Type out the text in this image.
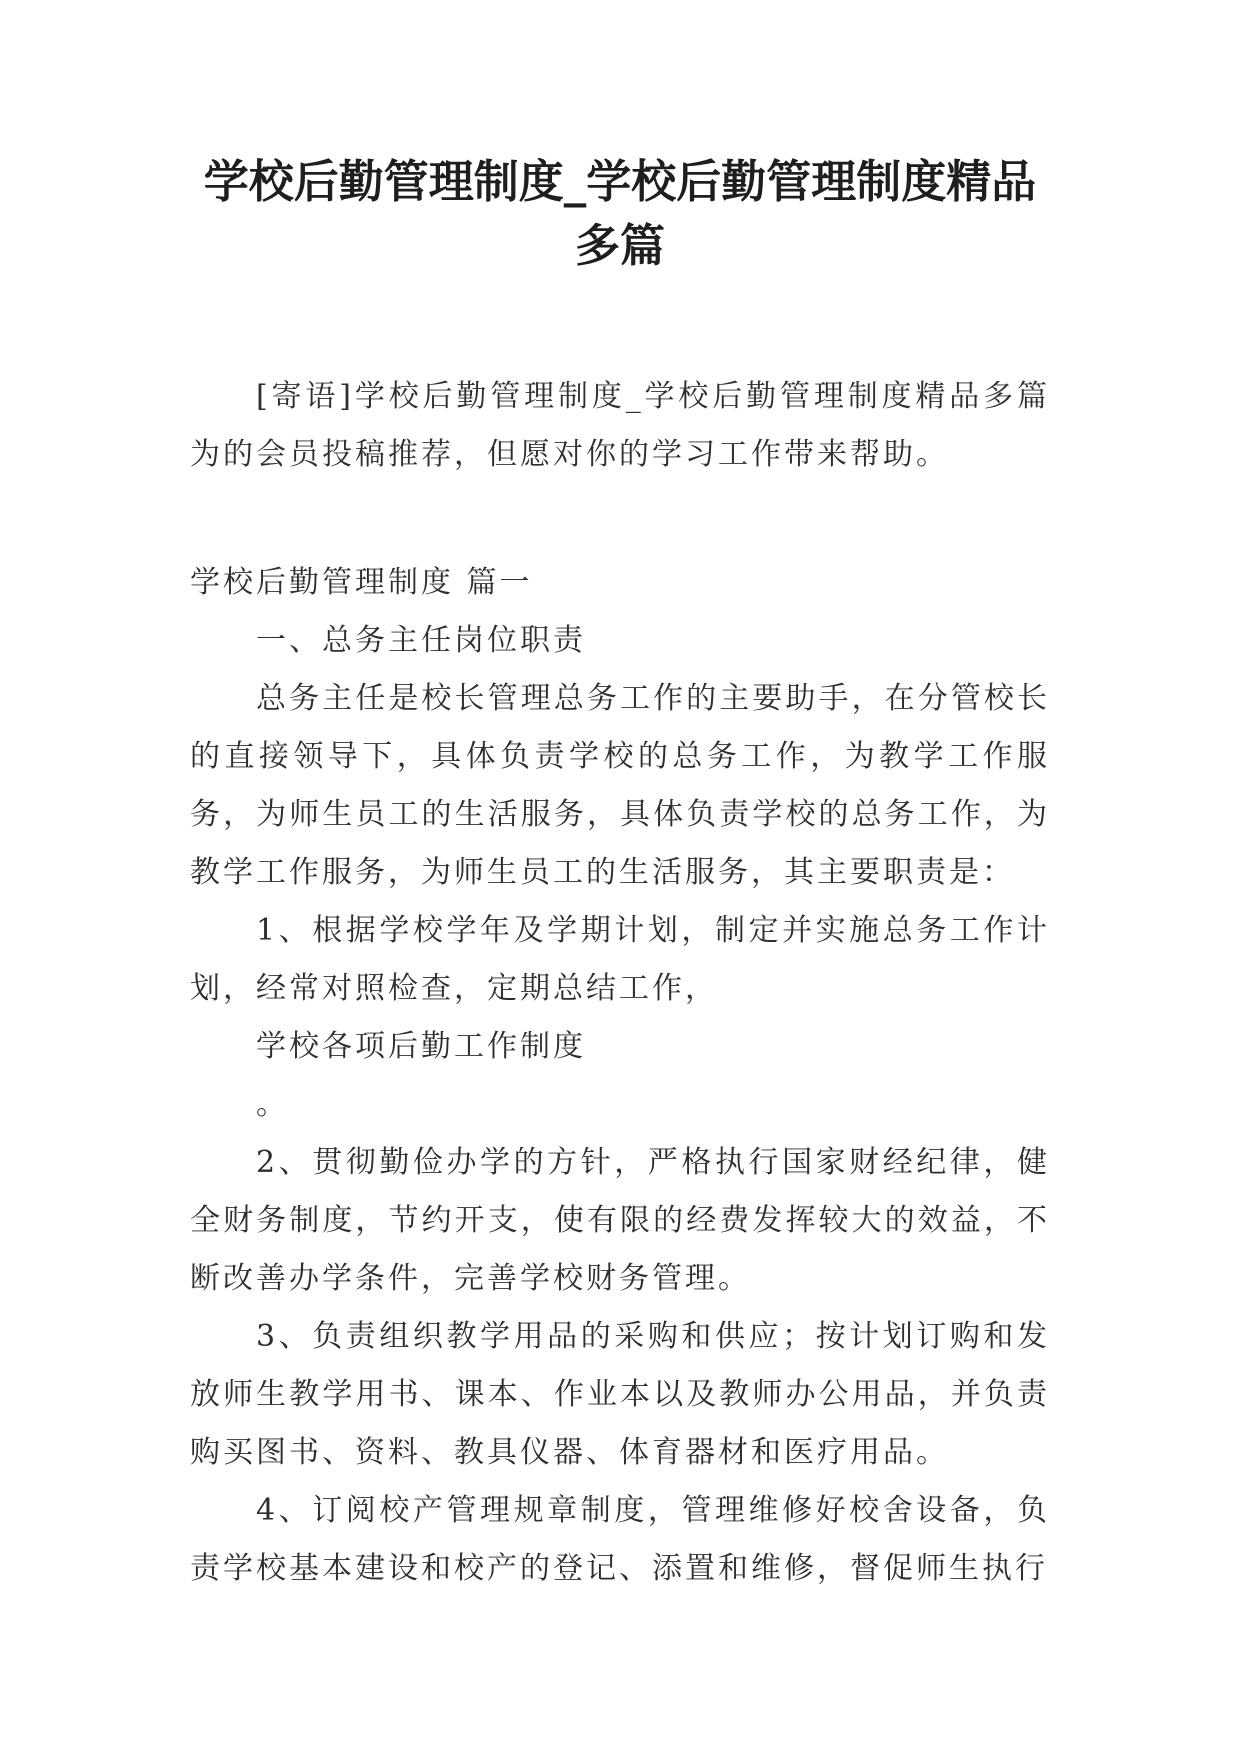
学校后勤管理制度_学校后勤管理制度精品多篇

[寄语]学校后勤管理制度_学校后勤管理制度精品多篇为的会员投稿推荐，但愿对你的学习工作带来帮助。

学校后勤管理制度 篇一

一、总务主任岗位职责

总务主任是校长管理总务工作的主要助手，在分管校长的直接领导下，具体负责学校的总务工作，为教学工作服务，为师生员工的生活服务，具体负责学校的总务工作，为教学工作服务，为师生员工的生活服务，其主要职责是：

1、根据学校学年及学期计划，制定并实施总务工作计划，经常对照检查，定期总结工作，

学校各项后勤工作制度

。

2、贯彻勤俭办学的方针，严格执行国家财经纪律，健全财务制度，节约开支，使有限的经费发挥较大的效益，不断改善办学条件，完善学校财务管理。

3、负责组织教学用品的采购和供应；按计划订购和发放师生教学用书、课本、作业本以及教师办公用品，并负责购买图书、资料、教具仪器、体育器材和医疗用品。

4、订阅校产管理规章制度，管理维修好校舍设备，负责学校基本建设和校产的登记、添置和维修，督促师生执行
